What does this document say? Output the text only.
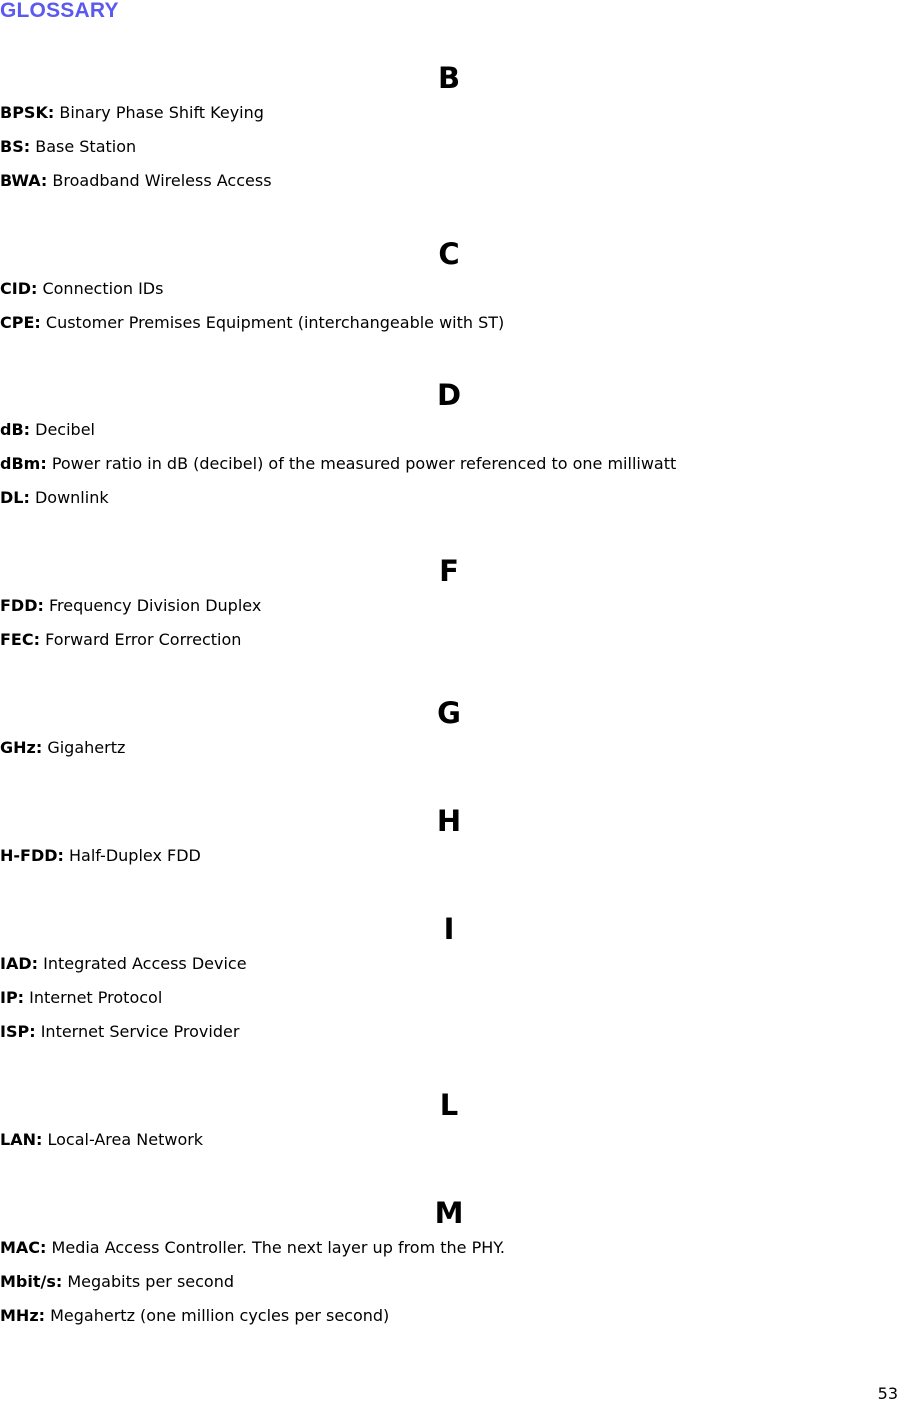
GLOSSARY
B
BPSK: Binary Phase Shift Keying
BS: Base Station
BWA: Broadband Wireless Access
C
CID: Connection IDs
CPE: Customer Premises Equipment (interchangeable with ST)
D
dB: Decibel
dBm: Power ratio in dB (decibel) of the measured power referenced to one milliwatt
DL: Downlink
F
FDD: Frequency Division Duplex
FEC: Forward Error Correction
G
GHz: Gigahertz
H
H-FDD: Half-Duplex FDD
I
IAD: Integrated Access Device
IP: Internet Protocol
ISP: Internet Service Provider
L
LAN: Local-Area Network
M
MAC: Media Access Controller. The next layer up from the PHY.
Mbit/s: Megabits per second
MHz: Megahertz (one million cycles per second)
53
